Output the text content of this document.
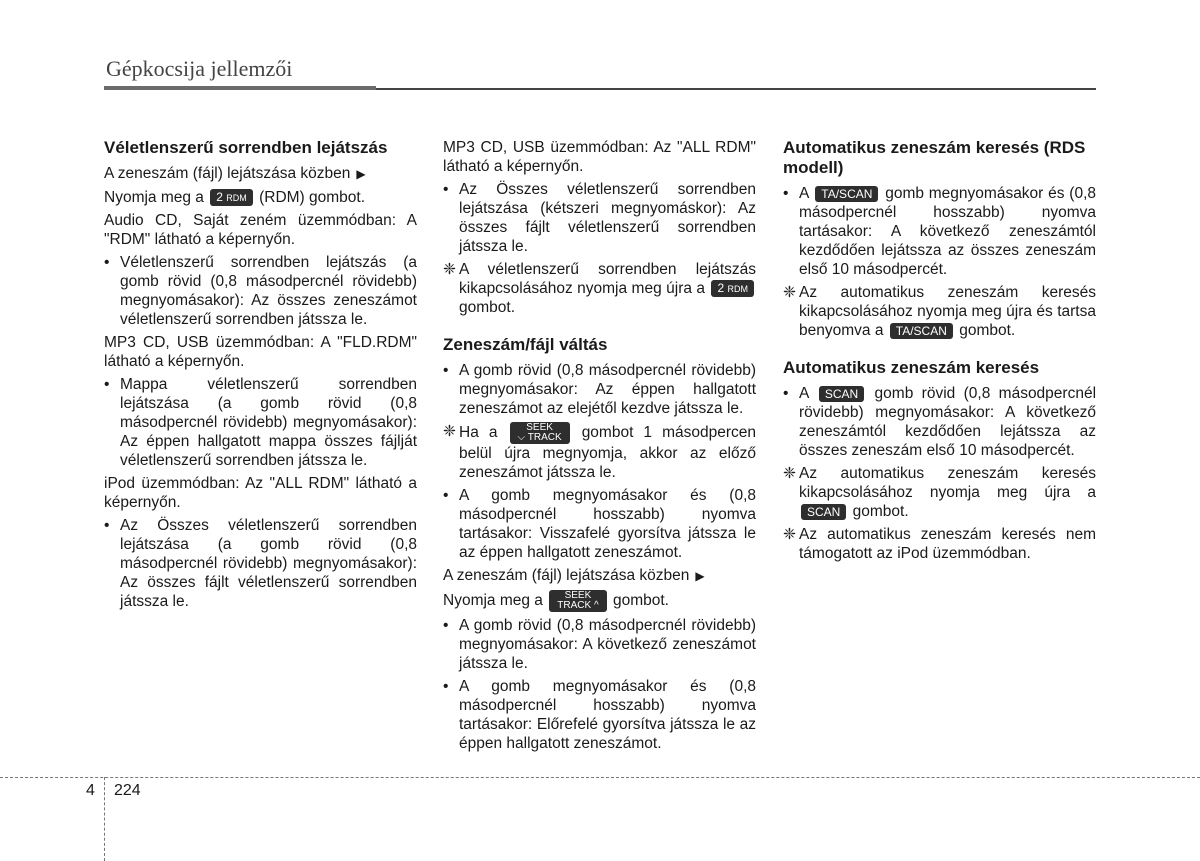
Gépkocsija jellemzői
Véletlenszerű sorrendben lejátszás
A zeneszám (fájl) lejátszása közben ▶
Nyomja meg a 2 RDM (RDM) gombot.
Audio CD, Saját zeném üzemmódban: A "RDM" látható a képernyőn.
• Véletlenszerű sorrendben lejátszás (a gomb rövid (0,8 másodpercnél rövidebb) megnyomásakor): Az összes zeneszámot véletlenszerű sorrendben játssza le.
MP3 CD, USB üzemmódban: A "FLD.RDM" látható a képernyőn.
• Mappa véletlenszerű sorrendben lejátszása (a gomb rövid (0,8 másodpercnél rövidebb) megnyomásakor): Az éppen hallgatott mappa összes fájlját véletlenszerű sorrendben játssza le.
iPod üzemmódban: Az "ALL RDM" látható a képernyőn.
• Az Összes véletlenszerű sorrendben lejátszása (a gomb rövid (0,8 másodpercnél rövidebb) megnyomásakor): Az összes fájlt véletlenszerű sorrendben játssza le.
MP3 CD, USB üzemmódban: Az "ALL RDM" látható a képernyőn.
• Az Összes véletlenszerű sorrendben lejátszása (kétszeri megnyomáskor): Az összes fájlt véletlenszerű sorrendben játssza le.
❈ A véletlenszerű sorrendben lejátszás kikapcsolásához nyomja meg újra a 2 RDM gombot.
Zeneszám/fájl váltás
• A gomb rövid (0,8 másodpercnél rövidebb) megnyomásakor: Az éppen hallgatott zeneszámot az elejétől kezdve játssza le.
❈ Ha a	SEEK
⌵ TRACK gombot 1 másodpercen belül újra megnyomja, akkor az előző zeneszámot játssza le.
• A gomb megnyomásakor és (0,8 másodpercnél hosszabb) nyomva tartásakor: Visszafelé gyorsítva játssza le az éppen hallgatott zeneszámot.
A zeneszám (fájl) lejátszása közben ▶
Nyomja meg a SEEK
TRACK ^ gombot.
• A gomb rövid (0,8 másodpercnél rövidebb) megnyomásakor: A következő zeneszámot játssza le.
• A gomb megnyomásakor és (0,8 másodpercnél hosszabb) nyomva tartásakor: Előrefelé gyorsítva játssza le az éppen hallgatott zeneszámot.
Automatikus zeneszám keresés (RDS modell)
• A TA/SCAN gomb megnyomásakor és (0,8 másodpercnél hosszabb) nyomva tartásakor: A következő zeneszámtól kezdődően lejátssza az összes zeneszám első 10 másodpercét.
❈ Az automatikus zeneszám keresés kikapcsolásához nyomja meg újra és tartsa benyomva a TA/SCAN gombot.
Automatikus zeneszám keresés
• A SCAN gomb rövid (0,8 másodpercnél rövidebb) megnyomásakor: A következő zeneszámtól kezdődően lejátssza az összes zeneszám első 10 másodpercét.
❈ Az automatikus zeneszám keresés kikapcsolásához nyomja meg újra a SCAN gombot.
❈ Az automatikus zeneszám keresés nem támogatott az iPod üzemmódban.
4 224
